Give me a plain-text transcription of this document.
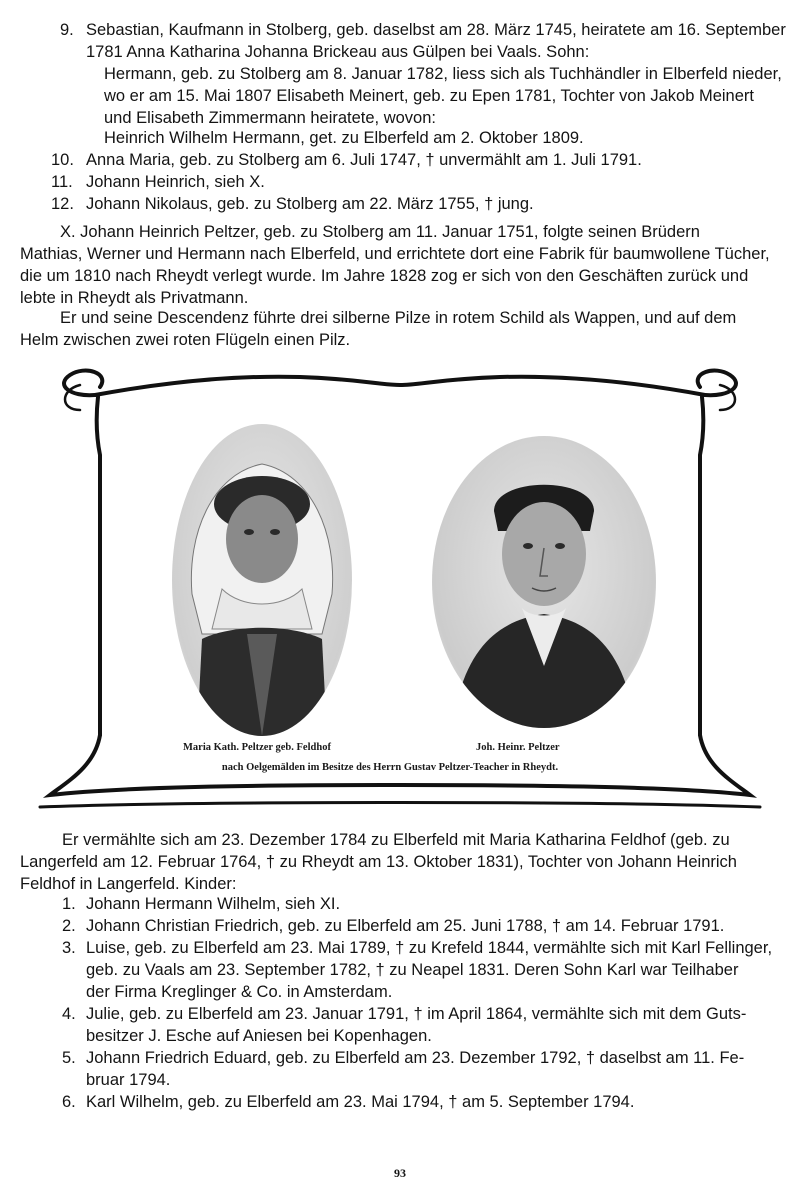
9. Sebastian, Kaufmann in Stolberg, geb. daselbst am 28. März 1745, heiratete am 16. September
1781 Anna Katharina Johanna Brickeau aus Gülpen bei Vaals. Sohn:
Hermann, geb. zu Stolberg am 8. Januar 1782, liess sich als Tuchhändler in Elberfeld nieder,
wo er am 15. Mai 1807 Elisabeth Meinert, geb. zu Epen 1781, Tochter von Jakob Meinert
und Elisabeth Zimmermann heiratete, wovon:
Heinrich Wilhelm Hermann, get. zu Elberfeld am 2. Oktober 1809.
10. Anna Maria, geb. zu Stolberg am 6. Juli 1747, † unvermählt am 1. Juli 1791.
11. Johann Heinrich, sieh X.
12. Johann Nikolaus, geb. zu Stolberg am 22. März 1755, † jung.
X. Johann Heinrich Peltzer, geb. zu Stolberg am 11. Januar 1751, folgte seinen Brüdern
Mathias, Werner und Hermann nach Elberfeld, und errichtete dort eine Fabrik für baumwollene Tücher,
die um 1810 nach Rheydt verlegt wurde. Im Jahre 1828 zog er sich von den Geschäften zurück und
lebte in Rheydt als Privatmann.
Er und seine Descendenz führte drei silberne Pilze in rotem Schild als Wappen, und auf dem
Helm zwischen zwei roten Flügeln einen Pilz.
Maria Kath. Peltzer geb. Feldhof	Joh. Heinr. Peltzer
nach Oelgemälden im Besitze des Herrn Gustav Peltzer-Teacher in Rheydt.
Er vermählte sich am 23. Dezember 1784 zu Elberfeld mit Maria Katharina Feldhof (geb. zu
Langerfeld am 12. Februar 1764, † zu Rheydt am 13. Oktober 1831), Tochter von Johann Heinrich
Feldhof in Langerfeld. Kinder:
1. Johann Hermann Wilhelm, sieh XI.
2. Johann Christian Friedrich, geb. zu Elberfeld am 25. Juni 1788, † am 14. Februar 1791.
3. Luise, geb. zu Elberfeld am 23. Mai 1789, † zu Krefeld 1844, vermählte sich mit Karl Fellinger,
geb. zu Vaals am 23. September 1782, † zu Neapel 1831. Deren Sohn Karl war Teilhaber
der Firma Kreglinger & Co. in Amsterdam.
4. Julie, geb. zu Elberfeld am 23. Januar 1791, † im April 1864, vermählte sich mit dem Guts-
besitzer J. Esche auf Aniesen bei Kopenhagen.
5. Johann Friedrich Eduard, geb. zu Elberfeld am 23. Dezember 1792, † daselbst am 11. Fe-
bruar 1794.
6. Karl Wilhelm, geb. zu Elberfeld am 23. Mai 1794, † am 5. September 1794.
93
